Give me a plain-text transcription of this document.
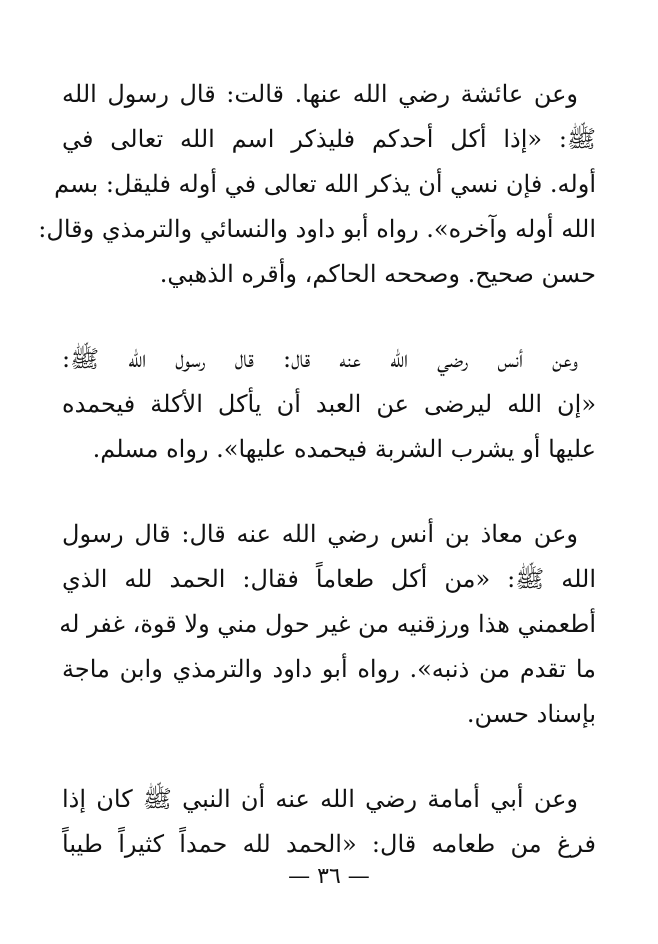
وعن عائشة رضي الله عنها. قالت: قال رسول الله
ﷺ: «إذا أكل أحدكم فليذكر اسم الله تعالى في
أوله. فإن نسي أن يذكر الله تعالى في أوله فليقل: بسم
الله أوله وآخره». رواه أبو داود والنسائي والترمذي وقال:
حسن صحيح. وصححه الحاكم، وأقره الذهبي.
وعن أنس رضي الله عنه قال: قال رسول الله ﷺ:
«إن الله ليرضى عن العبد أن يأكل الأكلة فيحمده
عليها أو يشرب الشربة فيحمده عليها». رواه مسلم.
وعن معاذ بن أنس رضي الله عنه قال: قال رسول
الله ﷺ: «من أكل طعاماً فقال: الحمد لله الذي
أطعمني هذا ورزقنيه من غير حول مني ولا قوة، غفر له
ما تقدم من ذنبه». رواه أبو داود والترمذي وابن ماجة
بإسناد حسن.
وعن أبي أمامة رضي الله عنه أن النبي ﷺ كان إذا
فرغ من طعامه قال: «الحمد لله حمداً كثيراً طيباً
— ٣٦ —
